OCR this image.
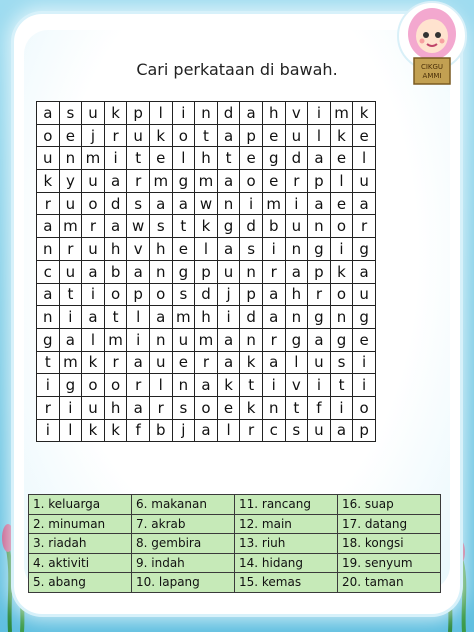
CIKGU AMMI
Cari perkataan di bawah.
a	s	u	k	p	l	i	n	d	a	h	v	i	m	k
o	e	j	r	u	k	o	t	a	p	e	u	l	k	e
u	n	m	i	t	e	l	h	t	e	g	d	a	e	l
k	y	u	a	r	m	g	m	a	o	e	r	p	l	u
r	u	o	d	s	a	a	w	n	i	m	i	a	e	a
a	m	r	a	w	s	t	k	g	d	b	u	n	o	r
n	r	u	h	v	h	e	l	a	s	i	n	g	i	g
c	u	a	b	a	n	g	p	u	n	r	a	p	k	a
a	t	i	o	p	o	s	d	j	p	a	h	r	o	u
n	i	a	t	l	a	m	h	i	d	a	n	g	n	g
g	a	l	m	i	n	u	m	a	n	r	g	a	g	e
t	m	k	r	a	u	e	r	a	k	a	l	u	s	i
i	g	o	o	r	l	n	a	k	t	i	v	i	t	i
r	i	u	h	a	r	s	o	e	k	n	t	f	i	o
i	l	k	k	f	b	j	a	l	r	c	s	u	a	p
1. keluarga	6. makanan	11. rancang	16. suap
2. minuman	7. akrab	12. main	17. datang
3. riadah	8. gembira	13. riuh	18. kongsi
4. aktiviti	9. indah	14. hidang	19. senyum
5. abang	10. lapang	15. kemas	20. taman
